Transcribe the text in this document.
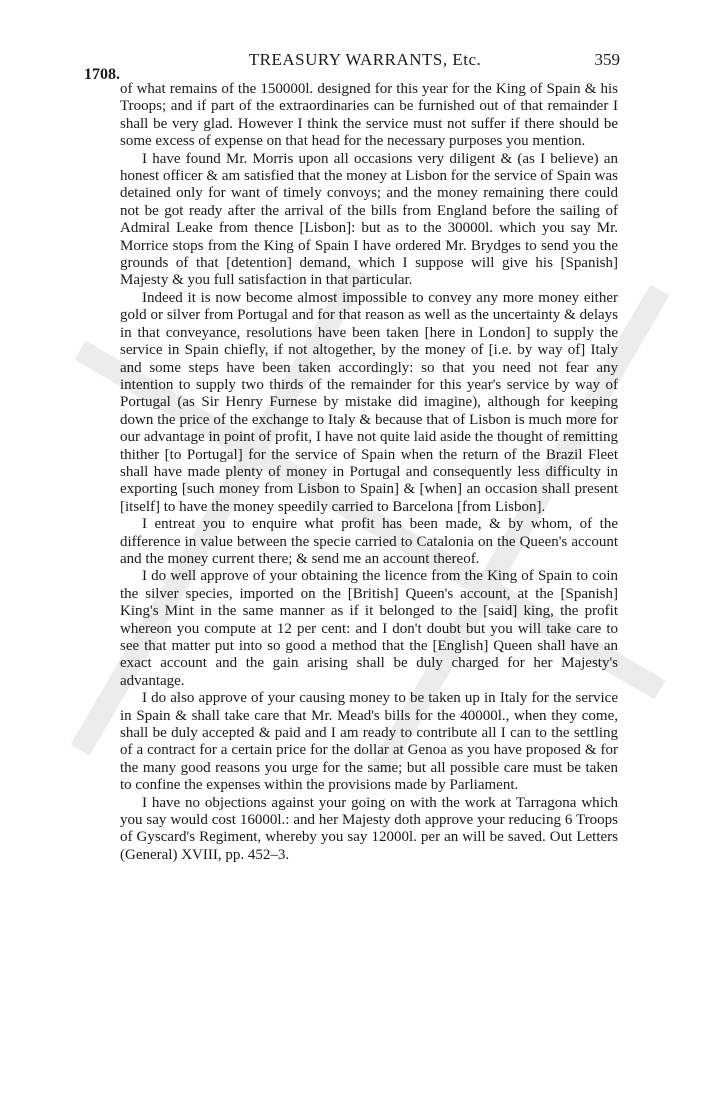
TREASURY WARRANTS, Etc.	359
1708.

of what remains of the 150000l. designed for this year for the King of Spain & his Troops; and if part of the extraordinaries can be furnished out of that remainder I shall be very glad. However I think the service must not suffer if there should be some excess of expense on that head for the necessary purposes you mention.

I have found Mr. Morris upon all occasions very diligent & (as I believe) an honest officer & am satisfied that the money at Lisbon for the service of Spain was detained only for want of timely convoys; and the money remaining there could not be got ready after the arrival of the bills from England before the sailing of Admiral Leake from thence [Lisbon]: but as to the 30000l. which you say Mr. Morrice stops from the King of Spain I have ordered Mr. Brydges to send you the grounds of that [detention] demand, which I suppose will give his [Spanish] Majesty & you full satisfaction in that particular.

Indeed it is now become almost impossible to convey any more money either gold or silver from Portugal and for that reason as well as the uncertainty & delays in that conveyance, resolutions have been taken [here in London] to supply the service in Spain chiefly, if not altogether, by the money of [i.e. by way of] Italy and some steps have been taken accordingly: so that you need not fear any intention to supply two thirds of the remainder for this year's service by way of Portugal (as Sir Henry Furnese by mistake did imagine), although for keeping down the price of the exchange to Italy & because that of Lisbon is much more for our advantage in point of profit, I have not quite laid aside the thought of remitting thither [to Portugal] for the service of Spain when the return of the Brazil Fleet shall have made plenty of money in Portugal and consequently less difficulty in exporting [such money from Lisbon to Spain] & [when] an occasion shall present [itself] to have the money speedily carried to Barcelona [from Lisbon].

I entreat you to enquire what profit has been made, & by whom, of the difference in value between the specie carried to Catalonia on the Queen's account and the money current there; & send me an account thereof.

I do well approve of your obtaining the licence from the King of Spain to coin the silver species, imported on the [British] Queen's account, at the [Spanish] King's Mint in the same manner as if it belonged to the [said] king, the profit whereon you compute at 12 per cent: and I don't doubt but you will take care to see that matter put into so good a method that the [English] Queen shall have an exact account and the gain arising shall be duly charged for her Majesty's advantage.

I do also approve of your causing money to be taken up in Italy for the service in Spain & shall take care that Mr. Mead's bills for the 40000l., when they come, shall be duly accepted & paid and I am ready to contribute all I can to the settling of a contract for a certain price for the dollar at Genoa as you have proposed & for the many good reasons you urge for the same; but all possible care must be taken to confine the expenses within the provisions made by Parliament.

I have no objections against your going on with the work at Tarragona which you say would cost 16000l.: and her Majesty doth approve your reducing 6 Troops of Gyscard's Regiment, whereby you say 12000l. per an will be saved. Out Letters (General) XVIII, pp. 452–3.
